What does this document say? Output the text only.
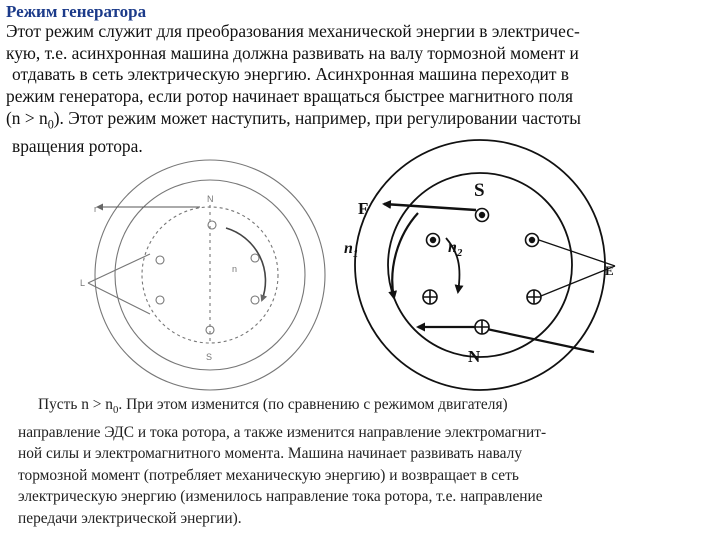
Режим генератора
Этот режим служит для преобразования механической энергии в электричес-
кую, т.е. асинхронная машина должна развивать на валу тормозной момент и
отдавать в сеть электрическую энергию. Асинхронная машина переходит в
режим генератора, если ротор начинает вращаться быстрее магнитного поля
$(n > n_0)$. Этот режим может наступить, например, при регулировании частоты
вращения ротора.
N
S
n
L
r
S
N
F
E
$n_1$	$n_2$
Пусть $n > n_0$. При этом изменится (по сравнению с режимом двигателя)
направление ЭДС и тока ротора, а также изменится направление электромагнит-
ной силы и электромагнитного момента. Машина начинает развивать навалу
тормозной момент (потребляет механическую энергию) и возвращает в сеть
электрическую энергию (изменилось направление тока ротора, т.е. направление
передачи электрической энергии).
